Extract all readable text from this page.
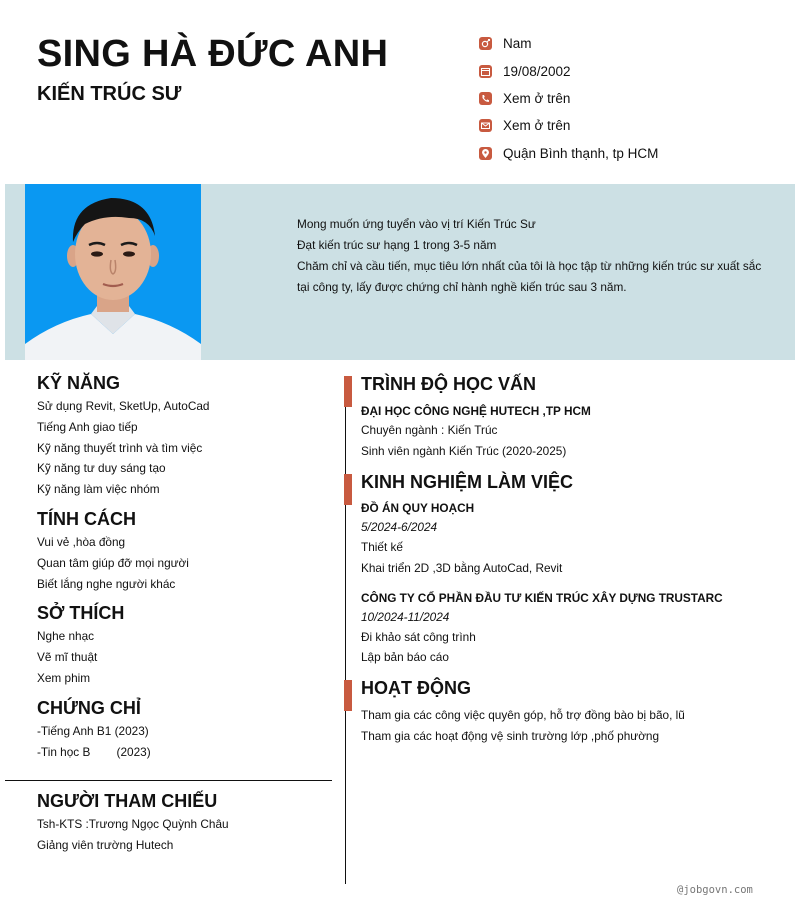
SING HÀ ĐỨC ANH
KIẾN TRÚC SƯ
Nam
19/08/2002
Xem ở trên
Xem ở trên
Quận Bình thạnh, tp HCM
Mong muốn ứng tuyển vào vị trí Kiến Trúc Sư
Đạt kiến trúc sư hạng 1 trong 3-5 năm
Chăm chỉ và cầu tiến, mục tiêu lớn nhất của tôi là học tập từ những kiến trúc sư xuất sắc tại công ty, lấy được chứng chỉ hành nghề kiến trúc sau 3 năm.
KỸ NĂNG
Sử dụng Revit, SketUp, AutoCad
Tiếng Anh giao tiếp
Kỹ năng thuyết trình và tìm việc
Kỹ năng tư duy sáng tạo
Kỹ năng làm việc nhóm
TÍNH CÁCH
Vui vẻ ,hòa đồng
Quan tâm giúp đỡ mọi người
Biết lắng nghe người khác
SỞ THÍCH
Nghe nhạc
Vẽ mĩ thuật
Xem phim
CHỨNG CHỈ
-Tiếng Anh B1 (2023)
-Tin học B        (2023)
NGƯỜI THAM CHIẾU
Tsh-KTS :Trương Ngọc Quỳnh Châu
Giảng viên trường Hutech
TRÌNH ĐỘ HỌC VẤN
ĐẠI HỌC CÔNG NGHỆ HUTECH ,TP HCM
Chuyên ngành : Kiến Trúc
Sinh viên ngành Kiến Trúc (2020-2025)
KINH NGHIỆM LÀM VIỆC
ĐỒ ÁN QUY HOẠCH
5/2024-6/2024
Thiết kế
Khai triển 2D ,3D bằng AutoCad, Revit
CÔNG TY CỔ PHẦN ĐẦU TƯ KIẾN TRÚC XÂY DỰNG TRUSTARC
10/2024-11/2024
Đi khảo sát công trình
Lập bản báo cáo
HOẠT ĐỘNG
Tham gia các công việc quyên góp, hỗ trợ đồng bào bị bão, lũ
Tham gia các hoạt động vệ sinh trường lớp ,phố phường
@jobgovn.com
